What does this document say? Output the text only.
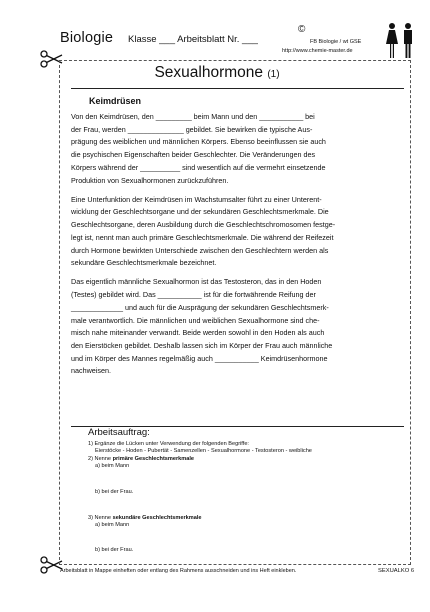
Biologie Klasse ___ Arbeitsblatt Nr. ___
©
FB Biologie / wt GSE
http://www.chemie-master.de
Sexualhormone (1)
Keimdrüsen

Von den Keimdrüsen, den _________ beim Mann und den ___________ bei
der Frau, werden ______________ gebildet. Sie bewirken die typische Aus-
prägung des weiblichen und männlichen Körpers. Ebenso beeinflussen sie auch
die psychischen Eigenschaften beider Geschlechter. Die Veränderungen des
Körpers während der __________ sind wesentlich auf die vermehrt einsetzende
Produktion von Sexualhormonen zurückzuführen.

Eine Unterfunktion der Keimdrüsen im Wachstumsalter führt zu einer Unterent-
wicklung der Geschlechtsorgane und der sekundären Geschlechtsmerkmale. Die
Geschlechtsorgane, deren Ausbildung durch die Geschlechtschromosomen festge-
legt ist, nennt man auch primäre Geschlechtsmerkmale. Die während der Reifezeit
durch Hormone bewirkten Unterschiede zwischen den Geschlechtern werden als
sekundäre Geschlechtsmerkmale bezeichnet.

Das eigentlich männliche Sexualhormon ist das Testosteron, das in den Hoden
(Testes) gebildet wird. Das ___________ ist für die fortwährende Reifung der
_____________ und auch für die Ausprägung der sekundären Geschlechtsmerk-
male verantwortlich. Die männlichen und weiblichen Sexualhormone sind che-
misch nahe miteinander verwandt. Beide werden sowohl in den Hoden als auch
den Eierstöcken gebildet. Deshalb lassen sich im Körper der Frau auch männliche
und im Körper des Mannes regelmäßig auch ___________ Keimdrüsenhormone
nachweisen.

Arbeitsauftrag:
1) Ergänze die Lücken unter Verwendung der folgenden Begriffe:
Eierstöcke - Hoden - Pubertät - Samenzellen - Sexualhormone - Testosteron - weibliche
2) Nenne primäre Geschlechtsmerkmale
a) beim Mann
b) bei der Frau.
3) Nenne sekundäre Geschlechtsmerkmale
a) beim Mann
b) bei der Frau.
Arbeitsblatt in Mappe einheften oder entlang des Rahmens ausschneiden und ins Heft einkleben.	SEXUALKO 6
